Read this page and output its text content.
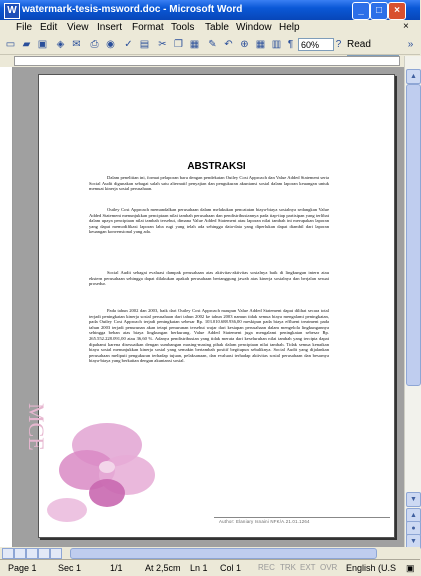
W watermark-tesis-msword.doc - Microsoft Word	_	□	×
File Edit View Insert Format Tools Table Window Help	×
▭ ▰ ▣ ◈ ✉ ⎙ ◉ ✓ ▤ ✂ ❐ ▦ ✎ ↶ ⊕ ▦ ▥ ¶	?	»
60%	Read
MCE
ABSTRAKSI
Dalam penelitian ini, format pelaporan baru dengan pendekatan Outley Cost Approach dan Value Added Statement serta Social Audit digunakan sebagai salah satu alternatif penyajian dan pengukuran akuntansi sosial dalam laporan keuangan untuk memuat kinerja sosial perusahaan.
Outley Cost Approach memandalkan perusahaan dalam melakukan pencatatan biaya-biaya sosialnya sedangkan Value Added Statement menunjukkan penciptaan nilai tambah perusahaan dan pendistribusiannya pada tiap-tiap partisipan yang terlibat dalam upaya penciptaan nilai tambah tersebut, dimana Value Added Statement atau laporan nilai tambah ini merupakan laporan yang dapat memodifikasi laporan laba rugi yang telah ada sehingga data-data yang diperlukan dapat diambil dari laporan keuangan konvensional yang ada.
Social Audit sebagai evaluasi dampak perusahaan atas aktivitas-aktivitas sosialnya baik di lingkungan intern atau ekstern perusahaan sehingga dapat dilakukan apakah perusahaan bertanggung jawab atas kinerja sosialnya dan berjalan sesuai prosedur.
Pada tahun 2002 dan 2003, baik dari Outley Cost Approach maupun Value Added Statement dapat dilihat secara total terjadi peningkatan kinerja sosial perusahaan dari tahun 2002 ke tahun 2003 namun tidak semua biaya mengalami peningkatan, pada Outley Cost Approach terjadi peningkatan sebesar Rp. 103.010.688.936,00 meskipun pada biaya effluent treatment pada tahun 2003 terjadi penurunan akan tetapi penurunan tersebut wajar dari kesiapan perusahaan dalam mengelola lingkungannya sehingga beban atas biaya lingkungan berkurang. Value Added Statement juga mengalami peningkatan sebesar Rp. 265.552.228.091,00 atau 36,60 %. Adanya pendistribusian yang tidak merata dari keseluruhan nilai tambah yang tercipta dapat dipahami karena disesuaikan dengan sumbangan masing-masing pihak dalam penciptaan nilai tambah. Tidak semua kenaikan biaya sosial menunjukkan kinerja sosial yang semakin bertambah positif begitupun sebaliknya. Social Audit yang dijalankan perusahaan meliputi pengukuran terhadap tujuan, pelaksanaan, dan evaluasi terhadap aktivitas sosial perusahaan dan besarnya biaya-biaya yang berkaitan dengan akuntansi sosial.
Author: Elaniary Isnaini NFK/A.21.01.1264
▲
▼
▲
●
▼
Page 1 Sec 1	1/1 At 2,5cm Ln 1 Col 1 REC TRK EXT OVR English (U.S ▣
